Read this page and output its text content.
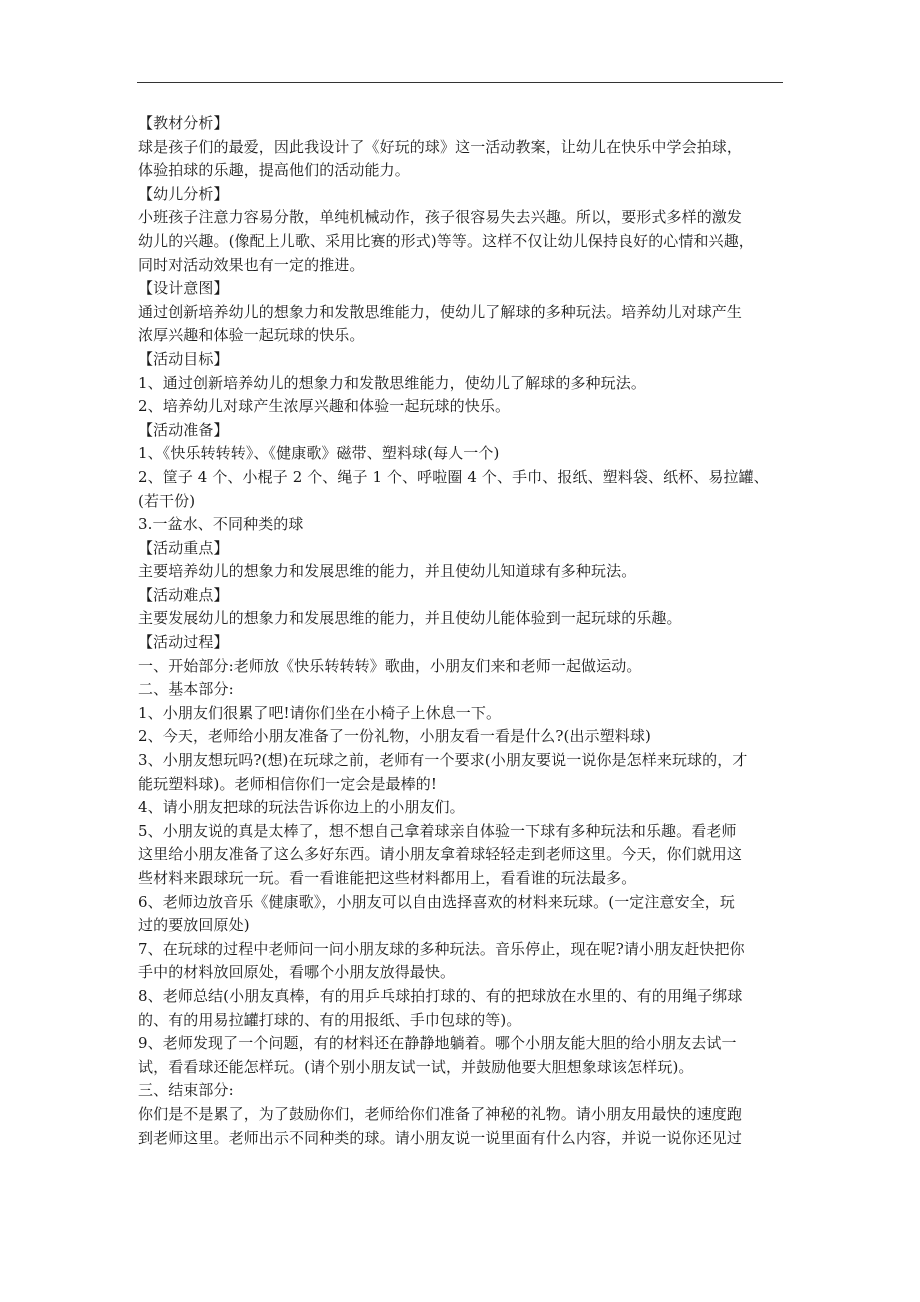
【教材分析】
球是孩子们的最爱，因此我设计了《好玩的球》这一活动教案，让幼儿在快乐中学会拍球，
体验拍球的乐趣，提高他们的活动能力。
【幼儿分析】
小班孩子注意力容易分散，单纯机械动作，孩子很容易失去兴趣。所以，要形式多样的激发
幼儿的兴趣。(像配上儿歌、采用比赛的形式)等等。这样不仅让幼儿保持良好的心情和兴趣，
同时对活动效果也有一定的推进。
【设计意图】
通过创新培养幼儿的想象力和发散思维能力，使幼儿了解球的多种玩法。培养幼儿对球产生
浓厚兴趣和体验一起玩球的快乐。
【活动目标】
1、通过创新培养幼儿的想象力和发散思维能力，使幼儿了解球的多种玩法。
2、培养幼儿对球产生浓厚兴趣和体验一起玩球的快乐。
【活动准备】
1、《快乐转转转》、《健康歌》磁带、塑料球(每人一个)
2、筐子 4 个、小棍子 2 个、绳子 1 个、呼啦圈 4 个、手巾、报纸、塑料袋、纸杯、易拉罐、
(若干份)
3.一盆水、不同种类的球
【活动重点】
主要培养幼儿的想象力和发展思维的能力，并且使幼儿知道球有多种玩法。
【活动难点】
主要发展幼儿的想象力和发展思维的能力，并且使幼儿能体验到一起玩球的乐趣。
【活动过程】
一、开始部分:老师放《快乐转转转》歌曲，小朋友们来和老师一起做运动。
二、基本部分:
1、小朋友们很累了吧!请你们坐在小椅子上休息一下。
2、今天，老师给小朋友准备了一份礼物，小朋友看一看是什么?(出示塑料球)
3、小朋友想玩吗?(想)在玩球之前，老师有一个要求(小朋友要说一说你是怎样来玩球的，才
能玩塑料球)。老师相信你们一定会是最棒的!
4、请小朋友把球的玩法告诉你边上的小朋友们。
5、小朋友说的真是太棒了，想不想自己拿着球亲自体验一下球有多种玩法和乐趣。看老师
这里给小朋友准备了这么多好东西。请小朋友拿着球轻轻走到老师这里。今天，你们就用这
些材料来跟球玩一玩。看一看谁能把这些材料都用上，看看谁的玩法最多。
6、老师边放音乐《健康歌》，小朋友可以自由选择喜欢的材料来玩球。(一定注意安全，玩
过的要放回原处)
7、在玩球的过程中老师问一问小朋友球的多种玩法。音乐停止，现在呢?请小朋友赶快把你
手中的材料放回原处，看哪个小朋友放得最快。
8、老师总结(小朋友真棒，有的用乒乓球拍打球的、有的把球放在水里的、有的用绳子绑球
的、有的用易拉罐打球的、有的用报纸、手巾包球的等)。
9、老师发现了一个问题，有的材料还在静静地躺着。哪个小朋友能大胆的给小朋友去试一
试，看看球还能怎样玩。(请个别小朋友试一试，并鼓励他要大胆想象球该怎样玩)。
三、结束部分:
你们是不是累了，为了鼓励你们，老师给你们准备了神秘的礼物。请小朋友用最快的速度跑
到老师这里。老师出示不同种类的球。请小朋友说一说里面有什么内容，并说一说你还见过
